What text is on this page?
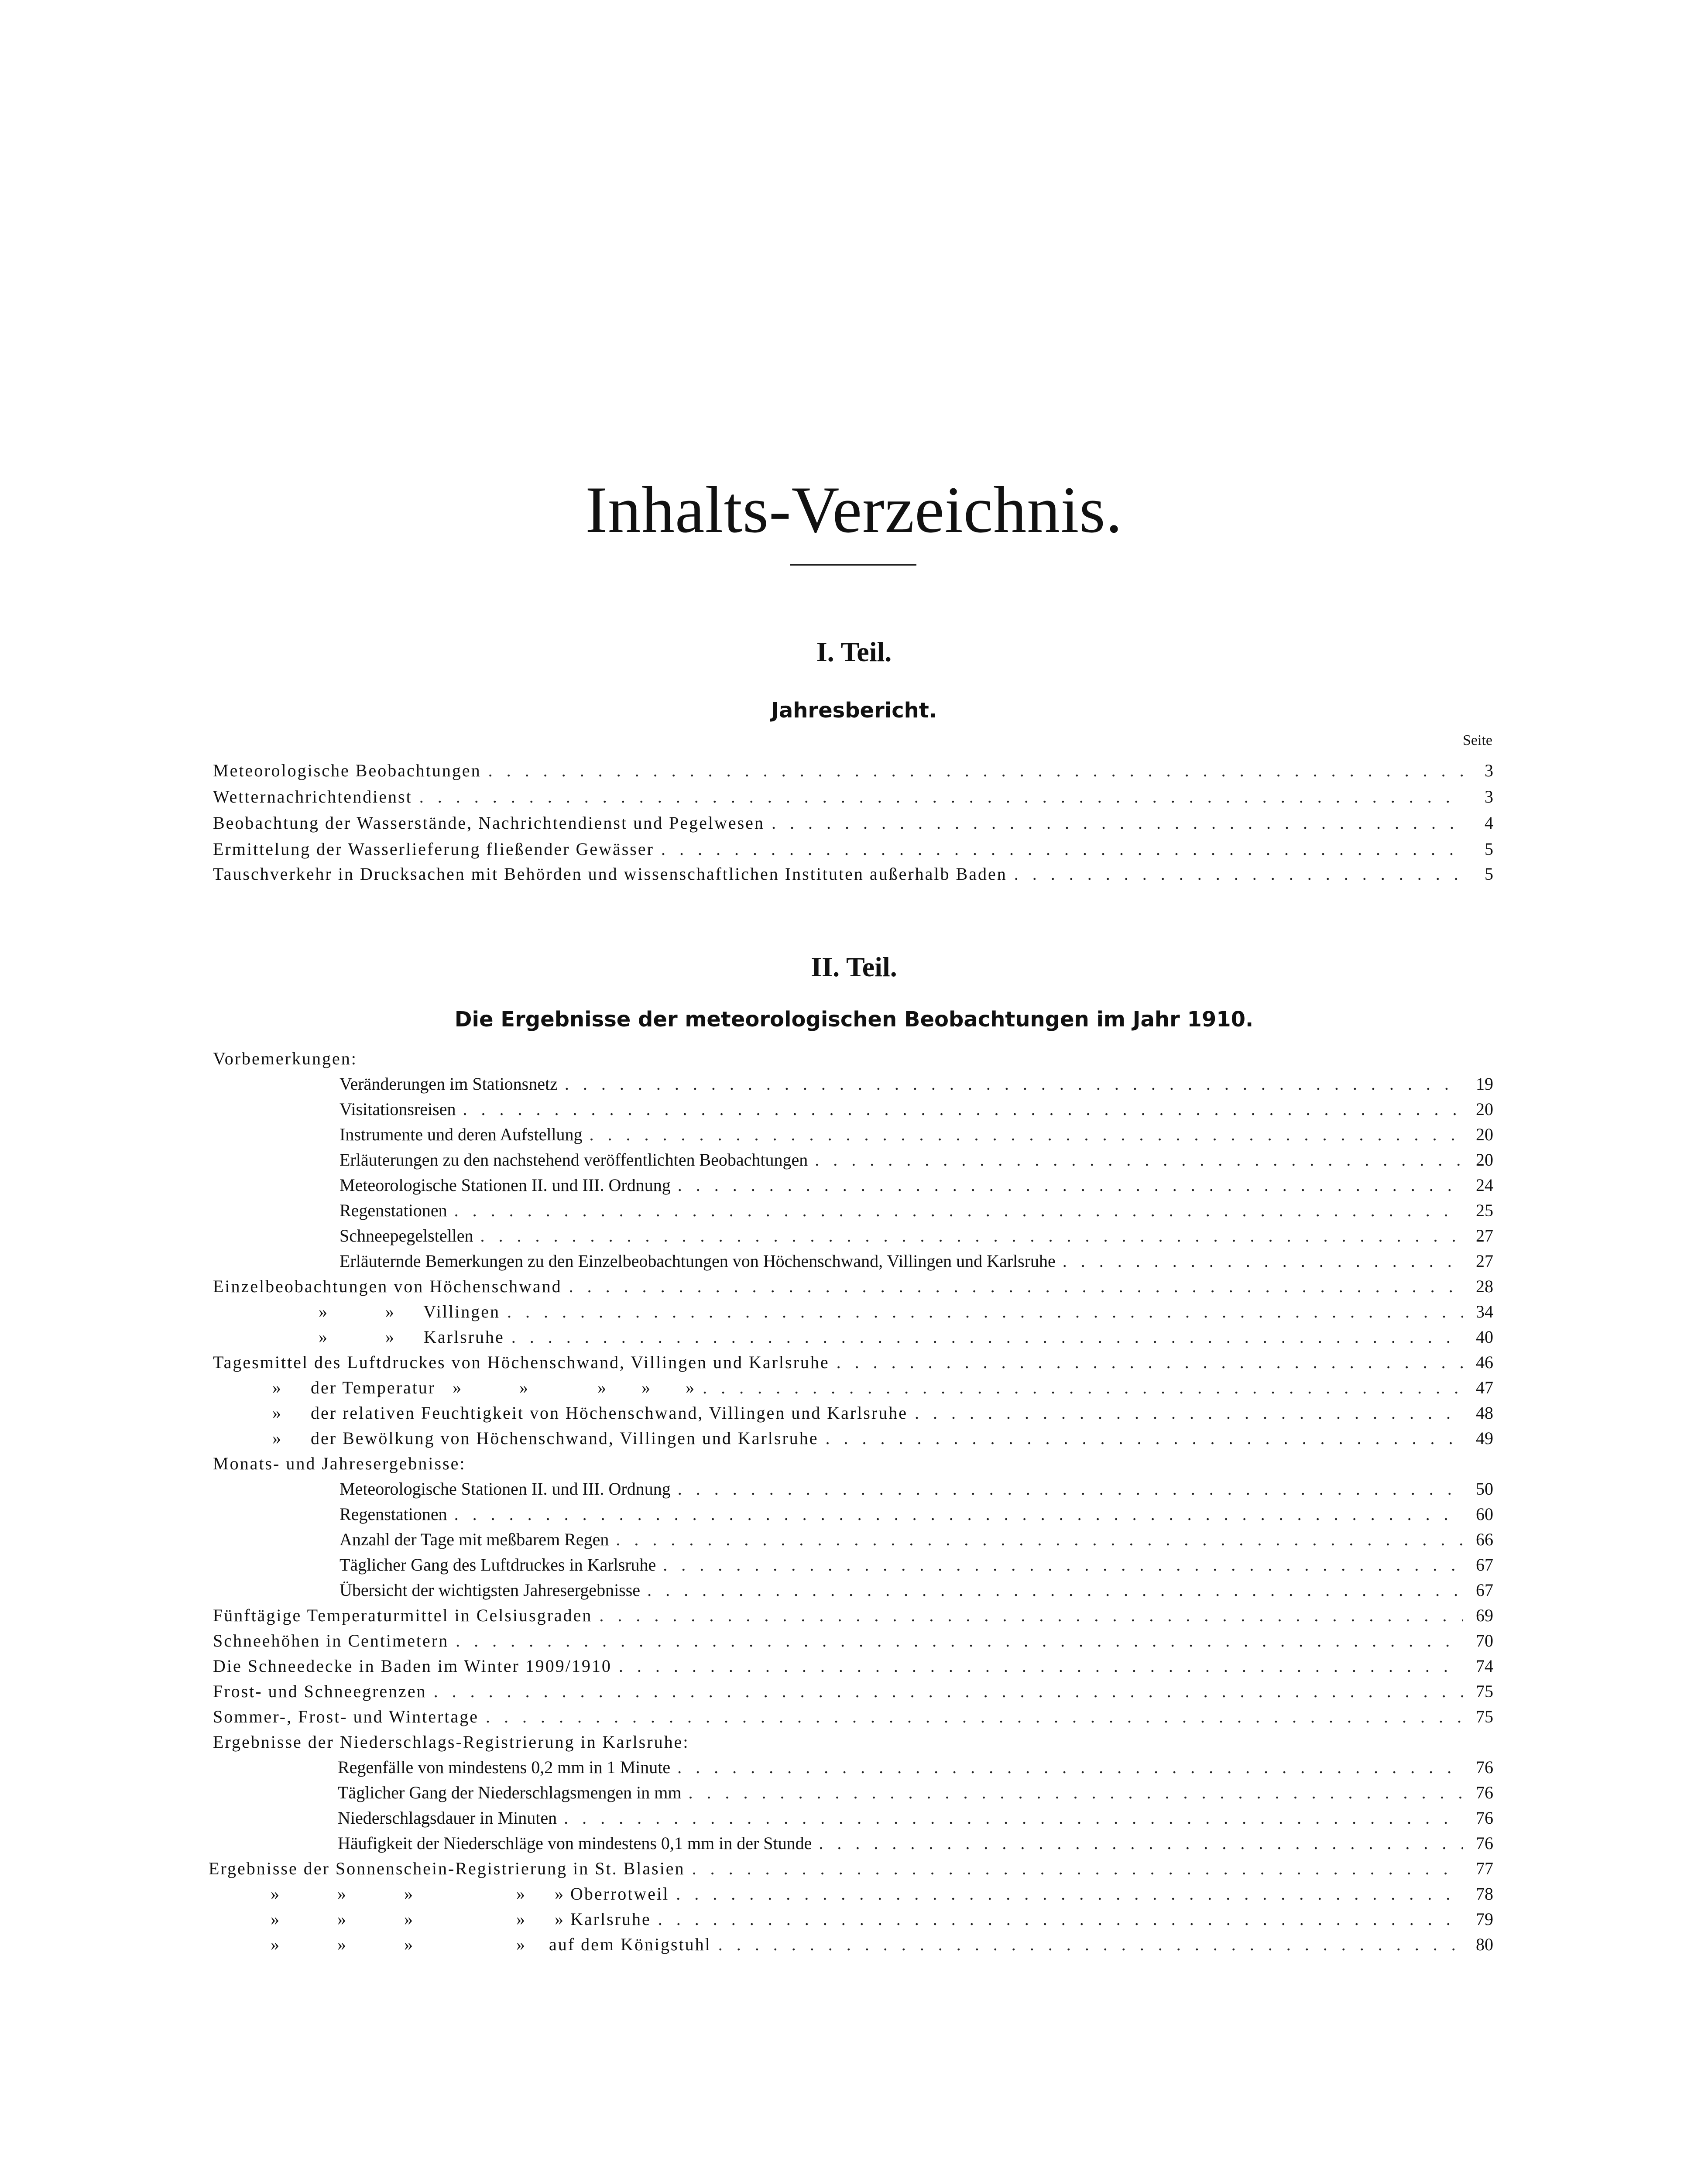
Inhalts-Verzeichnis.
I. Teil.
Jahresbericht.
Seite
II. Teil.
Die Ergebnisse der meteorologischen Beobachtungen im Jahr 1910.
Meteorologische Beobachtungen . . .	3
Wetternachrichtendienst . . .	3
Beobachtung der Wasserstände, Nachrichtendienst und Pegelwesen . . .	4
Ermittelung der Wasserlieferung fließender Gewässer . . .	5
Tauschverkehr in Drucksachen mit Behörden und wissenschaftlichen Instituten außerhalb Baden . . .	5
Vorbemerkungen:
Veränderungen im Stationsnetz . . .	19
Visitationsreisen . . .	20
Instrumente und deren Aufstellung . . .	20
Erläuterungen zu den nachstehend veröffentlichten Beobachtungen . . .	20
Meteorologische Stationen II. und III. Ordnung . . .	24
Regenstationen . . .	25
Schneepegelstellen . . .	27
Erläuternde Bemerkungen zu den Einzelbeobachtungen von Höchenschwand, Villingen und Karlsruhe . . .	27
Einzelbeobachtungen von Höchenschwand . . .	28
»          »     Villingen . . .	34
»          »     Karlsruhe . . .	40
Tagesmittel des Luftdruckes von Höchenschwand, Villingen und Karlsruhe . . .	46
»     der Temperatur   »          »            »      »      » . . .	47
»     der relativen Feuchtigkeit von Höchenschwand, Villingen und Karlsruhe . . .	48
»     der Bewölkung von Höchenschwand, Villingen und Karlsruhe . . .	49
Monats- und Jahresergebnisse:
Meteorologische Stationen II. und III. Ordnung . . .	50
Regenstationen . . .	60
Anzahl der Tage mit meßbarem Regen . . .	66
Täglicher Gang des Luftdruckes in Karlsruhe . . .	67
Übersicht der wichtigsten Jahresergebnisse . . .	67
Fünftägige Temperaturmittel in Celsiusgraden . . .	69
Schneehöhen in Centimetern . . .	70
Die Schneedecke in Baden im Winter 1909/1910 . . .	74
Frost- und Schneegrenzen . . .	75
Sommer-, Frost- und Wintertage . . .	75
Ergebnisse der Niederschlags-Registrierung in Karlsruhe:
Regenfälle von mindestens 0,2 mm in 1 Minute . . .	76
Täglicher Gang der Niederschlagsmengen in mm . . .	76
Niederschlagsdauer in Minuten . . .	76
Häufigkeit der Niederschläge von mindestens 0,1 mm in der Stunde . . .	76
Ergebnisse der Sonnenschein-Registrierung in St. Blasien . . .	77
»          »          »                  »     » Oberrotweil . . .	78
»          »          »                  »     » Karlsruhe . . .	79
»          »          »                  »    auf dem Königstuhl . . .	80
